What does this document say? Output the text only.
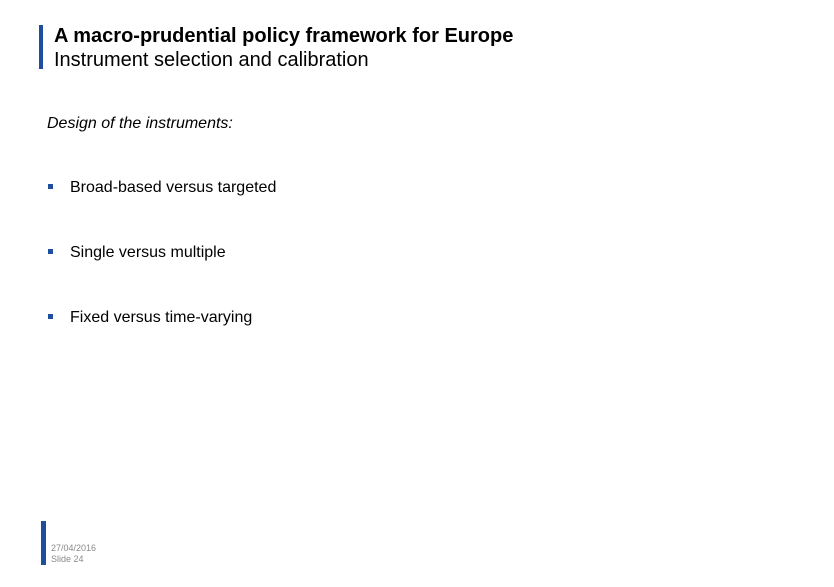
A macro-prudential policy framework for Europe
Instrument selection and calibration
Design of the instruments:
Broad-based versus targeted
Single versus multiple
Fixed versus time-varying
27/04/2016
Slide 24
